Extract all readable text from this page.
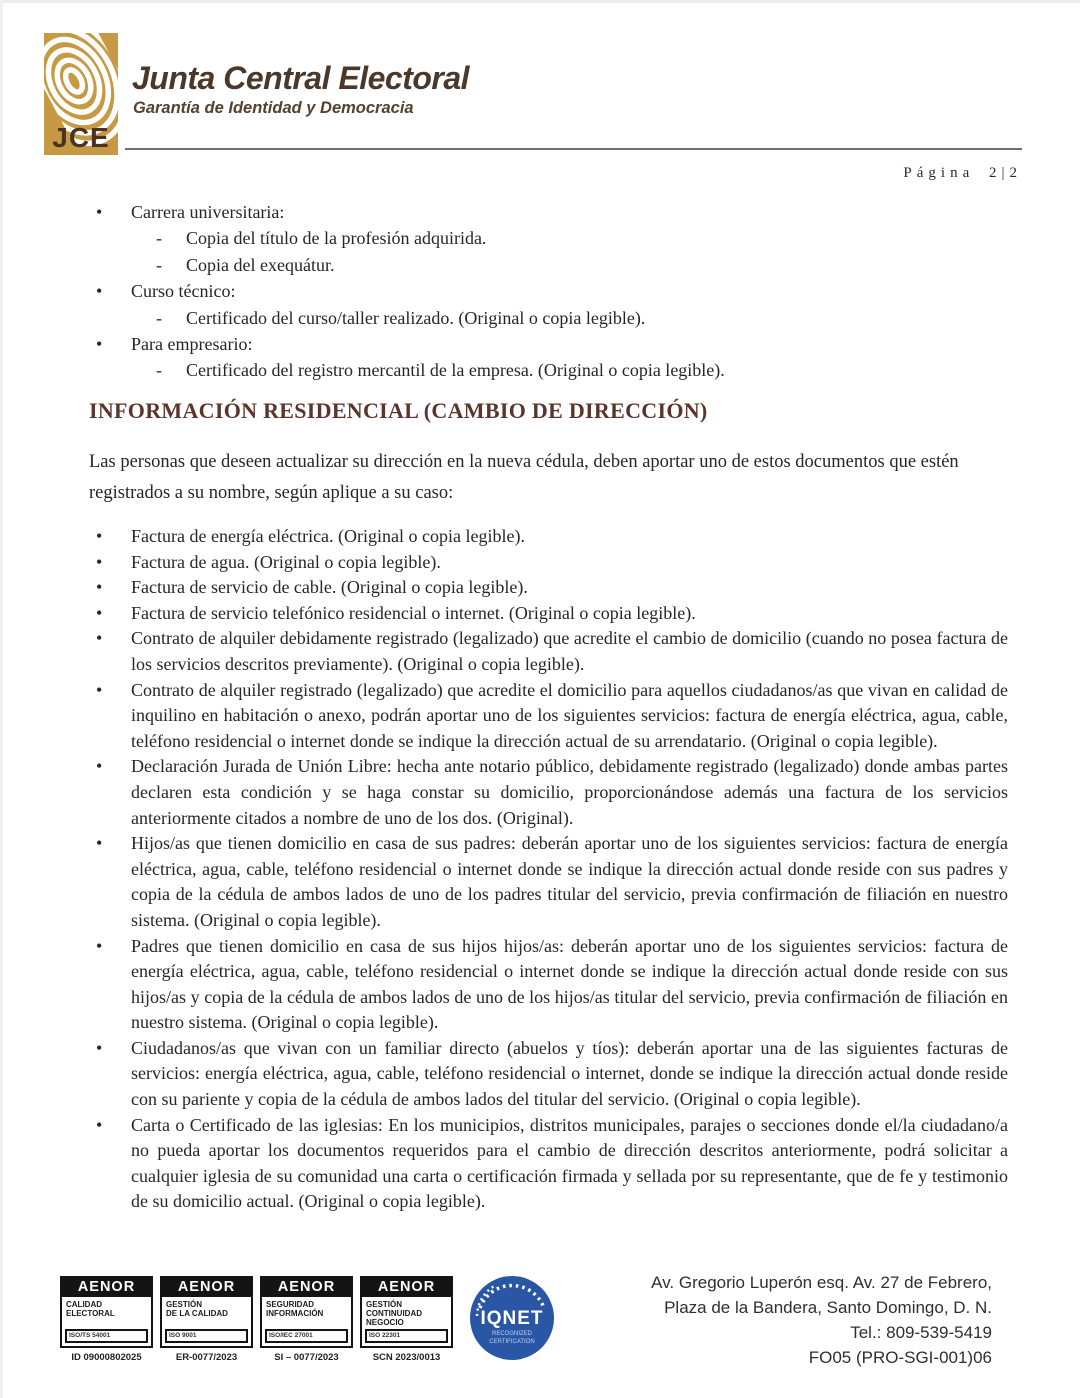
JCE
Junta Central Electoral
Garantía de Identidad y Democracia
Página 2|2
•	Carrera universitaria:
-	Copia del título de la profesión adquirida.
-	Copia del exequátur.
•	Curso técnico:
-	Certificado del curso/taller realizado. (Original o copia legible).
•	Para empresario:
-	Certificado del registro mercantil de la empresa. (Original o copia legible).
INFORMACIÓN RESIDENCIAL (CAMBIO DE DIRECCIÓN)
Las personas que deseen actualizar su dirección en la nueva cédula, deben aportar uno de estos documentos que estén registrados a su nombre, según aplique a su caso:
•	Factura de energía eléctrica. (Original o copia legible).
•	Factura de agua. (Original o copia legible).
•	Factura de servicio de cable. (Original o copia legible).
•	Factura de servicio telefónico residencial o internet. (Original o copia legible).
•	Contrato de alquiler debidamente registrado (legalizado) que acredite el cambio de domicilio (cuando no posea factura de los servicios descritos previamente). (Original o copia legible).
•	Contrato de alquiler registrado (legalizado) que acredite el domicilio para aquellos ciudadanos/as que vivan en calidad de inquilino en habitación o anexo, podrán aportar uno de los siguientes servicios: factura de energía eléctrica, agua, cable, teléfono residencial o internet donde se indique la dirección actual de su arrendatario. (Original o copia legible).
•	Declaración Jurada de Unión Libre: hecha ante notario público, debidamente registrado (legalizado) donde ambas partes declaren esta condición y se haga constar su domicilio, proporcionándose además una factura de los servicios anteriormente citados a nombre de uno de los dos. (Original).
•	Hijos/as que tienen domicilio en casa de sus padres: deberán aportar uno de los siguientes servicios: factura de energía eléctrica, agua, cable, teléfono residencial o internet donde se indique la dirección actual donde reside con sus padres y copia de la cédula de ambos lados de uno de los padres titular del servicio, previa confirmación de filiación en nuestro sistema. (Original o copia legible).
•	Padres que tienen domicilio en casa de sus hijos hijos/as: deberán aportar uno de los siguientes servicios: factura de energía eléctrica, agua, cable, teléfono residencial o internet donde se indique la dirección actual donde reside con sus hijos/as y copia de la cédula de ambos lados de uno de los hijos/as titular del servicio, previa confirmación de filiación en nuestro sistema. (Original o copia legible).
•	Ciudadanos/as que vivan con un familiar directo (abuelos y tíos): deberán aportar una de las siguientes facturas de servicios: energía eléctrica, agua, cable, teléfono residencial o internet, donde se indique la dirección actual donde reside con su pariente y copia de la cédula de ambos lados del titular del servicio. (Original o copia legible).
•	Carta o Certificado de las iglesias: En los municipios, distritos municipales, parajes o secciones donde el/la ciudadano/a no pueda aportar los documentos requeridos para el cambio de dirección descritos anteriormente, podrá solicitar a cualquier iglesia de su comunidad una carta o certificación firmada y sellada por su representante, que de fe y testimonio de su domicilio actual. (Original o copia legible).
AENOR
CALIDAD
ELECTORAL
ISO/TS 54001
ID 09000802025
AENOR
GESTIÓN
DE LA CALIDAD
ISO 9001
ER-0077/2023
AENOR
SEGURIDAD
INFORMACIÓN
ISO/IEC 27001
SI – 0077/2023
AENOR
GESTIÓN
CONTINUIDAD
NEGOCIO
ISO 22301
SCN 2023/0013
IQNET
RECOGNIZED
CERTIFICATION
Av. Gregorio Luperón esq. Av. 27 de Febrero,
Plaza de la Bandera, Santo Domingo, D. N.
Tel.: 809-539-5419
FO05 (PRO-SGI-001)06
